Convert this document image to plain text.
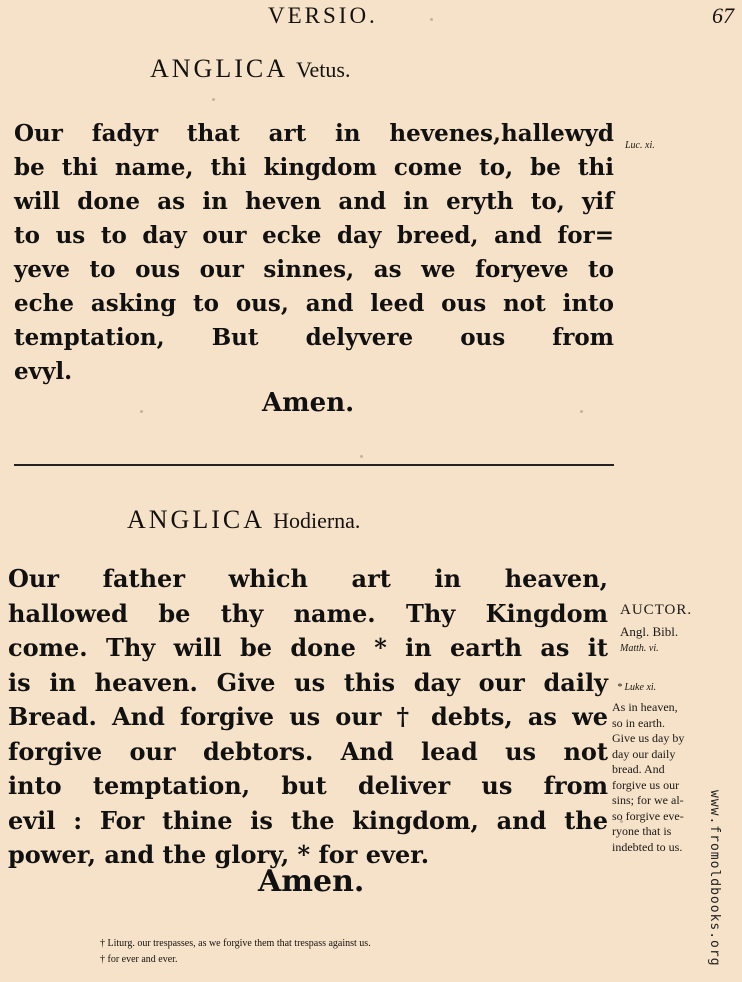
VERSIO.	67
ANGLICA Vetus.
Our fadyr that art in hevenes,hallewyd
be thi name, thi kingdom come to, be thi
will done as in heven and in eryth to, yif
to us to day our ecke day breed, and for=
yeve to ous our sinnes, as we foryeve to
eche asking to ous, and leed ous not into
temptation, But delyvere ous from
evyl.
Luc. xi.
Amen.
ANGLICA Hodierna.
Our father which art in heaven,
hallowed be thy name. Thy Kingdom
come. Thy will be done * in earth as it
is in heaven. Give us this day our daily
Bread. And forgive us our † debts, as we
forgive our debtors. And lead us not
into temptation, but deliver us from
evil : For thine is the kingdom, and the
power, and the glory, * for ever.
AUCTOR.
Angl. Bibl.
Matth. vi.
* Luke xi.
As in heaven,
so in earth.
Give us day by
day our daily
bread. And
forgive us our
sins; for we al-
so forgive eve-
ryone that is
indebted to us.
Amen.
† Liturg. our trespasses, as we forgive them that trespass against us.
† for ever and ever.	www.fromoldbooks.org
